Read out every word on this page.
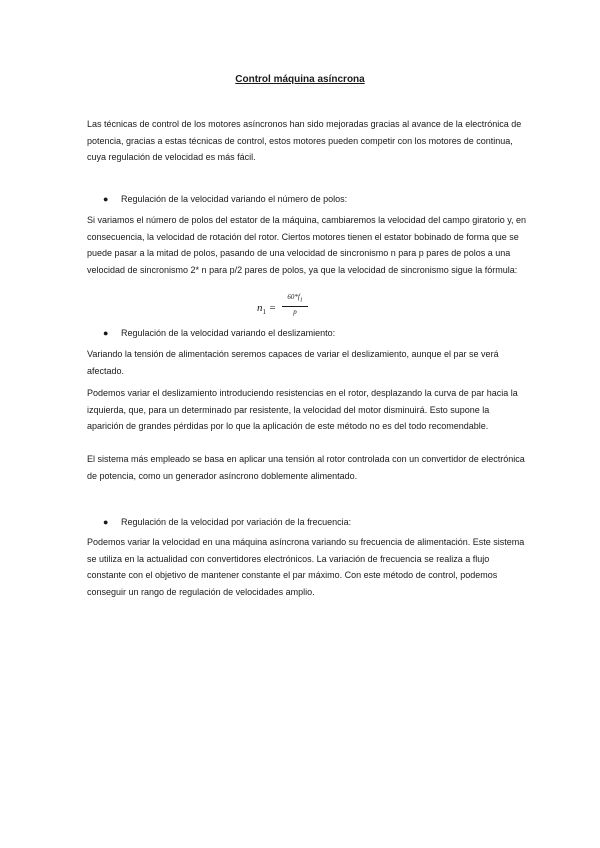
Control máquina asíncrona

Las técnicas de control de los motores asíncronos han sido mejoradas gracias al avance de la electrónica de potencia, gracias a estas técnicas de control, estos motores pueden competir con los motores de continua, cuya regulación de velocidad es más fácil.

● Regulación de la velocidad variando el número de polos:

Si variamos el número de polos del estator de la máquina, cambiaremos la velocidad del campo giratorio y, en consecuencia, la velocidad de rotación del rotor. Ciertos motores tienen el estator bobinado de forma que se puede pasar a la mitad de polos, pasando de una velocidad de sincronismo n para p pares de polos a una velocidad de sincronismo 2* n para p/2 pares de polos, ya que la velocidad de sincronismo sigue la fórmula:

$n_1$ =
$60*f_1$
p
● Regulación de la velocidad variando el deslizamiento:

Variando la tensión de alimentación seremos capaces de variar el deslizamiento, aunque el par se verá afectado.

Podemos variar el deslizamiento introduciendo resistencias en el rotor, desplazando la curva de par hacia la izquierda, que, para un determinado par resistente, la velocidad del motor disminuirá. Esto supone la aparición de grandes pérdidas por lo que la aplicación de este método no es del todo recomendable.

El sistema más empleado se basa en aplicar una tensión al rotor controlada con un convertidor de electrónica de potencia, como un generador asíncrono doblemente alimentado.

● Regulación de la velocidad por variación de la frecuencia:

Podemos variar la velocidad en una máquina asíncrona variando su frecuencia de alimentación. Este sistema se utiliza en la actualidad con convertidores electrónicos. La variación de frecuencia se realiza a flujo constante con el objetivo de mantener constante el par máximo. Con este método de control, podemos conseguir un rango de regulación de velocidades amplio.
